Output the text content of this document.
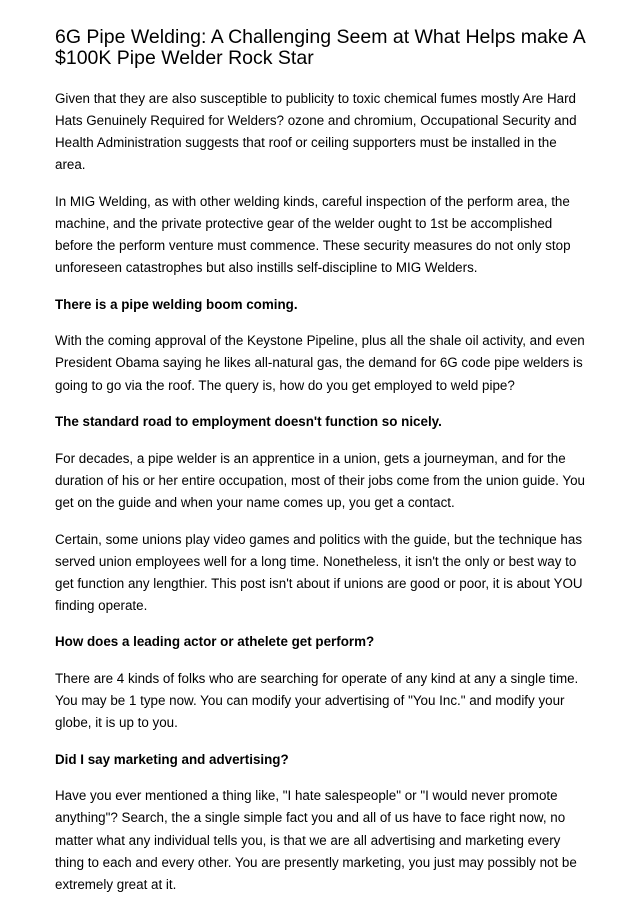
6G Pipe Welding: A Challenging Seem at What Helps make A $100K Pipe Welder Rock Star

Given that they are also susceptible to publicity to toxic chemical fumes mostly Are Hard Hats Genuinely Required for Welders? ozone and chromium, Occupational Security and Health Administration suggests that roof or ceiling supporters must be installed in the area.

In MIG Welding, as with other welding kinds, careful inspection of the perform area, the machine, and the private protective gear of the welder ought to 1st be accomplished before the perform venture must commence. These security measures do not only stop unforeseen catastrophes but also instills self-discipline to MIG Welders.

There is a pipe welding boom coming.

With the coming approval of the Keystone Pipeline, plus all the shale oil activity, and even President Obama saying he likes all-natural gas, the demand for 6G code pipe welders is going to go via the roof. The query is, how do you get employed to weld pipe?

The standard road to employment doesn't function so nicely.

For decades, a pipe welder is an apprentice in a union, gets a journeyman, and for the duration of his or her entire occupation, most of their jobs come from the union guide. You get on the guide and when your name comes up, you get a contact.

Certain, some unions play video games and politics with the guide, but the technique has served union employees well for a long time. Nonetheless, it isn't the only or best way to get function any lengthier. This post isn't about if unions are good or poor, it is about YOU finding operate.

How does a leading actor or athelete get perform?

There are 4 kinds of folks who are searching for operate of any kind at any a single time. You may be 1 type now. You can modify your advertising of "You Inc." and modify your globe, it is up to you.

Did I say marketing and advertising?

Have you ever mentioned a thing like, "I hate salespeople" or "I would never promote anything"? Search, the a single simple fact you and all of us have to face right now, no matter what any individual tells you, is that we are all advertising and marketing every thing to each and every other. You are presently marketing, you just may possibly not be extremely great at it.
